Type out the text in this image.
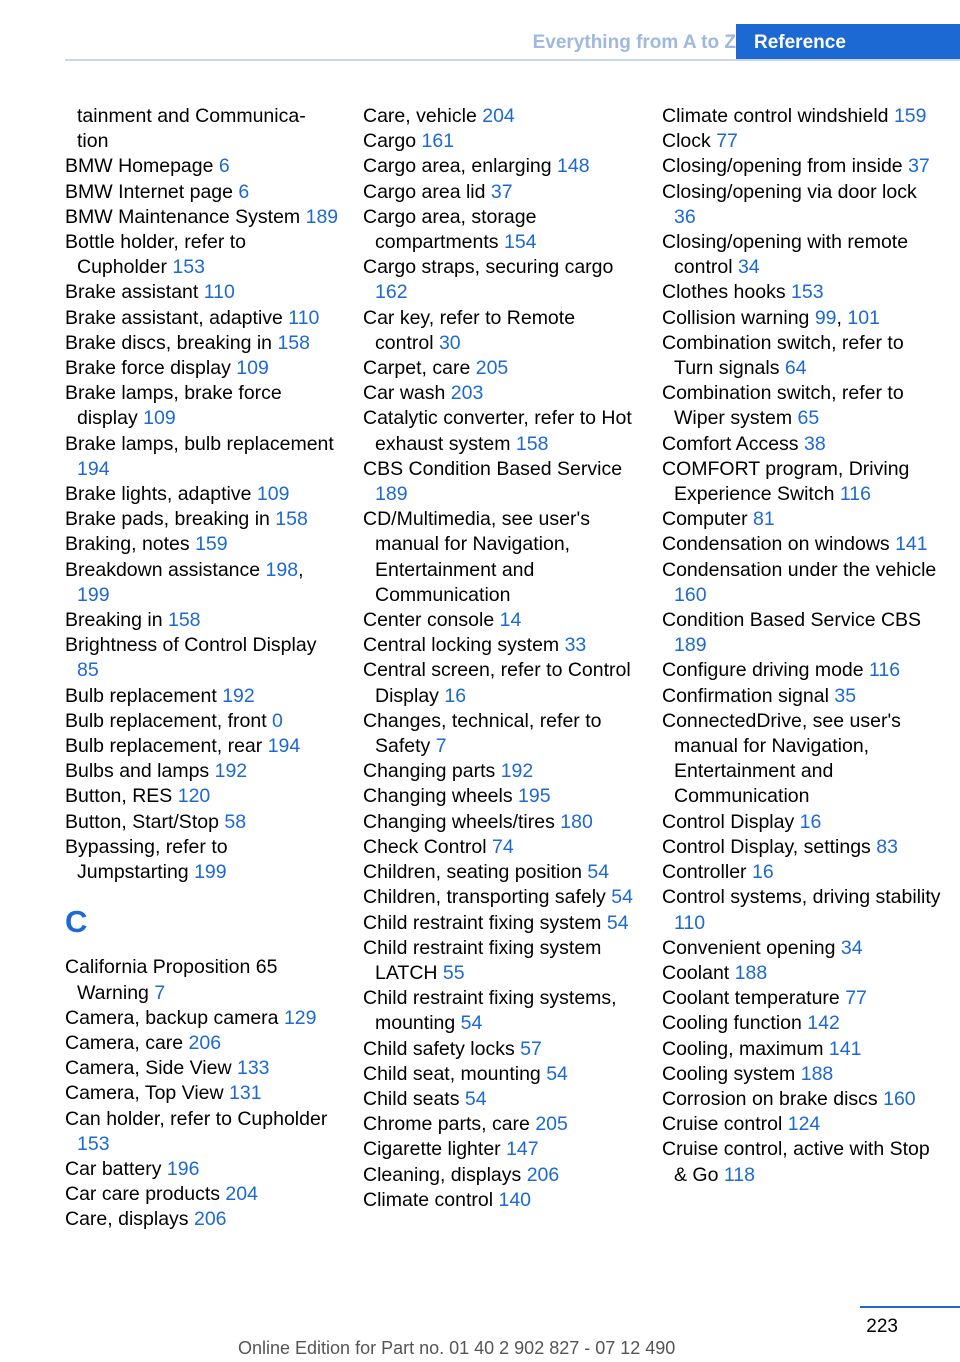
Everything from A to Z Reference
tainment and Communica-
tion
BMW Homepage 6
BMW Internet page 6
BMW Maintenance System 189
Bottle holder, refer to Cupholder 153
Brake assistant 110
Brake assistant, adaptive 110
Brake discs, breaking in 158
Brake force display 109
Brake lamps, brake force display 109
Brake lamps, bulb replacement 194
Brake lights, adaptive 109
Brake pads, breaking in 158
Braking, notes 159
Breakdown assistance 198, 199
Breaking in 158
Brightness of Control Display 85
Bulb replacement 192
Bulb replacement, front 0
Bulb replacement, rear 194
Bulbs and lamps 192
Button, RES 120
Button, Start/Stop 58
Bypassing, refer to Jumpstarting 199
C
California Proposition 65 Warning 7
Camera, backup camera 129
Camera, care 206
Camera, Side View 133
Camera, Top View 131
Can holder, refer to Cupholder 153
Car battery 196
Car care products 204
Care, displays 206
Care, vehicle 204
Cargo 161
Cargo area, enlarging 148
Cargo area lid 37
Cargo area, storage compartments 154
Cargo straps, securing cargo 162
Car key, refer to Remote control 30
Carpet, care 205
Car wash 203
Catalytic converter, refer to Hot exhaust system 158
CBS Condition Based Service 189
CD/Multimedia, see user's manual for Navigation, Entertainment and Communication
Center console 14
Central locking system 33
Central screen, refer to Control Display 16
Changes, technical, refer to Safety 7
Changing parts 192
Changing wheels 195
Changing wheels/tires 180
Check Control 74
Children, seating position 54
Children, transporting safely 54
Child restraint fixing system 54
Child restraint fixing system LATCH 55
Child restraint fixing systems, mounting 54
Child safety locks 57
Child seat, mounting 54
Child seats 54
Chrome parts, care 205
Cigarette lighter 147
Cleaning, displays 206
Climate control 140
Climate control windshield 159
Clock 77
Closing/opening from inside 37
Closing/opening via door lock 36
Closing/opening with remote control 34
Clothes hooks 153
Collision warning 99, 101
Combination switch, refer to Turn signals 64
Combination switch, refer to Wiper system 65
Comfort Access 38
COMFORT program, Driving Experience Switch 116
Computer 81
Condensation on windows 141
Condensation under the vehicle 160
Condition Based Service CBS 189
Configure driving mode 116
Confirmation signal 35
ConnectedDrive, see user's manual for Navigation, Entertainment and Communication
Control Display 16
Control Display, settings 83
Controller 16
Control systems, driving stability 110
Convenient opening 34
Coolant 188
Coolant temperature 77
Cooling function 142
Cooling, maximum 141
Cooling system 188
Corrosion on brake discs 160
Cruise control 124
Cruise control, active with Stop & Go 118
223
Online Edition for Part no. 01 40 2 902 827 - 07 12 490
